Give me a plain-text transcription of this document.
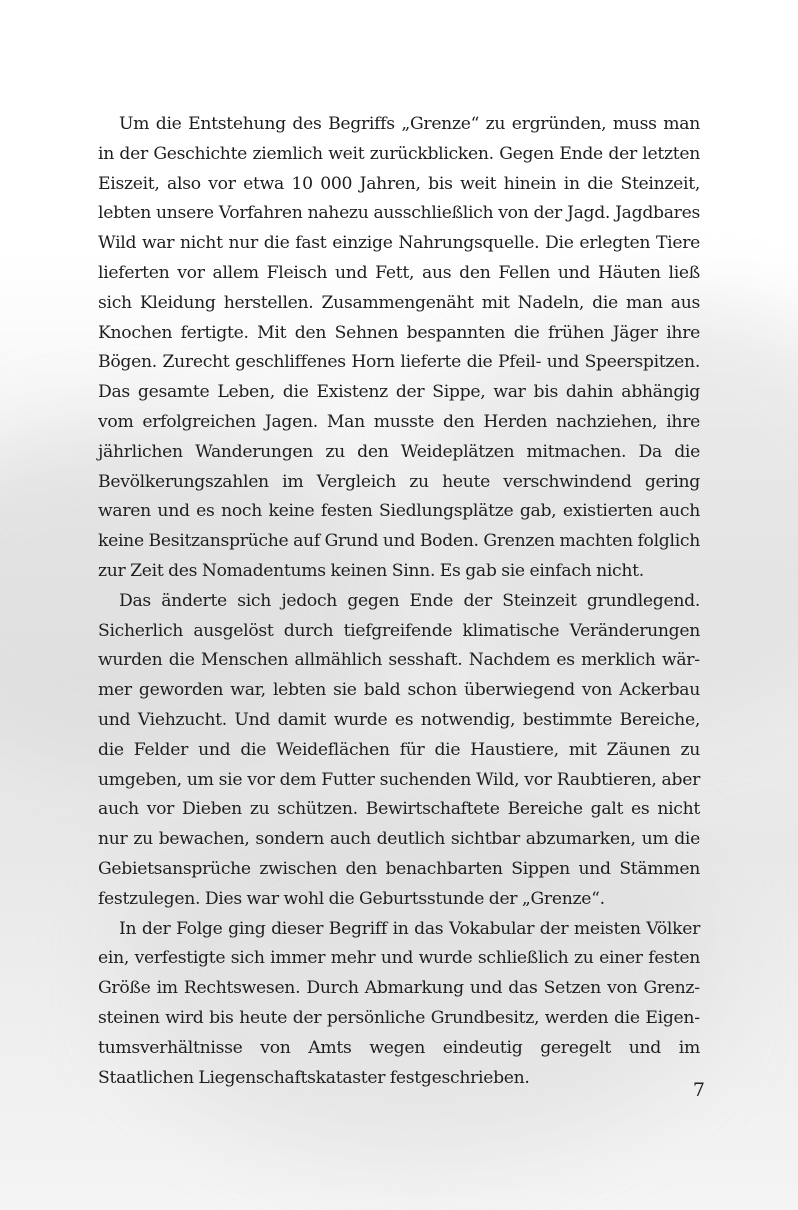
Um die Entstehung des Begriffs „Grenze“ zu ergründen, muss man in der Geschichte ziemlich weit zurückblicken. Gegen Ende der letzten Eiszeit, also vor etwa 10 000 Jahren, bis weit hinein in die Steinzeit, lebten unsere Vorfahren nahezu ausschließlich von der Jagd. Jagdbares Wild war nicht nur die fast einzige Nahrungsquelle. Die erlegten Tiere lieferten vor allem Fleisch und Fett, aus den Fellen und Häuten ließ sich Kleidung herstellen. Zusammengenäht mit Nadeln, die man aus Knochen fertigte. Mit den Sehnen bespannten die frühen Jäger ihre Bögen. Zurecht geschliffenes Horn lieferte die Pfeil- und Speerspitzen. Das gesamte Leben, die Existenz der Sippe, war bis dahin abhängig vom erfolgreichen Jagen. Man musste den Herden nachziehen, ihre jährlichen Wanderungen zu den Weideplätzen mitmachen. Da die Bevölkerungszahlen im Vergleich zu heute verschwindend gering waren und es noch keine festen Siedlungsplätze gab, existierten auch keine Besitzansprüche auf Grund und Boden. Grenzen machten folglich zur Zeit des Nomadentums keinen Sinn. Es gab sie einfach nicht.

Das änderte sich jedoch gegen Ende der Steinzeit grundlegend. Sicherlich ausgelöst durch tiefgreifende klimatische Veränderungen wurden die Menschen allmählich sesshaft. Nachdem es merklich wärmer geworden war, lebten sie bald schon überwiegend von Ackerbau und Viehzucht. Und damit wurde es notwendig, bestimmte Bereiche, die Felder und die Weideflächen für die Haustiere, mit Zäunen zu umgeben, um sie vor dem Futter suchenden Wild, vor Raubtieren, aber auch vor Dieben zu schützen. Bewirtschaftete Bereiche galt es nicht nur zu bewachen, sondern auch deutlich sichtbar abzumarken, um die Gebietsansprüche zwischen den benachbarten Sippen und Stämmen festzulegen. Dies war wohl die Geburtsstunde der „Grenze“.

In der Folge ging dieser Begriff in das Vokabular der meisten Völker ein, verfestigte sich immer mehr und wurde schließlich zu einer festen Größe im Rechtswesen. Durch Abmarkung und das Setzen von Grenzsteinen wird bis heute der persönliche Grundbesitz, werden die Eigentumsverhältnisse von Amts wegen eindeutig geregelt und im Staatlichen Liegenschaftskataster festgeschrieben.

7
